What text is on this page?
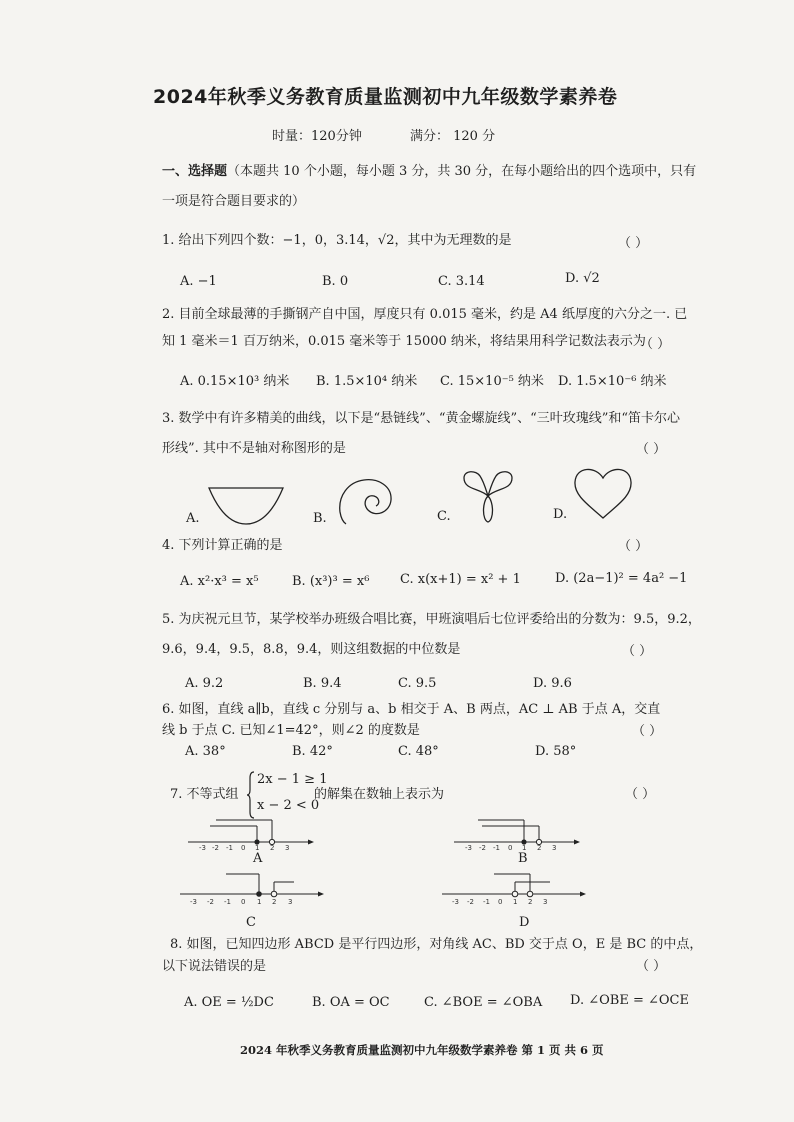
2024年秋季义务教育质量监测初中九年级数学素养卷
时量：120分钟	满分： 120 分
一、选择题（本题共 10 个小题，每小题 3 分，共 30 分，在每小题给出的四个选项中，只有
一项是符合题目要求的）
1. 给出下列四个数：−1，0，3.14，√2，其中为无理数的是	（ ）
A. −1	B. 0	C. 3.14	D. √2
2. 目前全球最薄的手撕钢产自中国，厚度只有 0.015 毫米，约是 A4 纸厚度的六分之一. 已
知 1 毫米＝1 百万纳米，0.015 毫米等于 15000 纳米，将结果用科学记数法表示为
（ ）
A. 0.15×10³ 纳米 B. 1.5×10⁴ 纳米 C. 15×10⁻⁵ 纳米 D. 1.5×10⁻⁶ 纳米
3. 数学中有许多精美的曲线，以下是“悬链线”、“黄金螺旋线”、“三叶玫瑰线”和“笛卡尔心
形线”. 其中不是轴对称图形的是	（ ）
A.	B.	C.	D.
4. 下列计算正确的是	（ ）
A. x²·x³ = x⁵	B. (x³)³ = x⁶ C. x(x+1) = x² + 1	D. (2a−1)² = 4a² −1
5. 为庆祝元旦节，某学校举办班级合唱比赛，甲班演唱后七位评委给出的分数为：9.5，9.2，
9.6，9.4，9.5，8.8，9.4，则这组数据的中位数是	（ ）
A. 9.2	B. 9.4	C. 9.5	D. 9.6
6. 如图，直线 a∥b，直线 c 分别与 a、b 相交于 A、B 两点，AC ⊥ AB 于点 A，交直
线 b 于点 C. 已知∠1=42°，则∠2 的度数是	（ ）
A. 38°	B. 42°	C. 48°	D. 58°
7. 不等式组
2x − 1 ≥ 1
x − 2 < 0
的解集在数轴上表示为	（ ）
-3 -2 -1 0 1 2 3
A
-3 -2 -1 0 1 2 3
B
-3 -2 -1 0 1 2 3
C
-3 -2 -1 0 1 2 3
D
8. 如图，已知四边形 ABCD 是平行四边形，对角线 AC、BD 交于点 O，E 是 BC 的中点，
以下说法错误的是	（ ）
A. OE = ½DC	B. OA = OC	C. ∠BOE = ∠OBA D. ∠OBE = ∠OCE
2024 年秋季义务教育质量监测初中九年级数学素养卷 第 1 页 共 6 页
